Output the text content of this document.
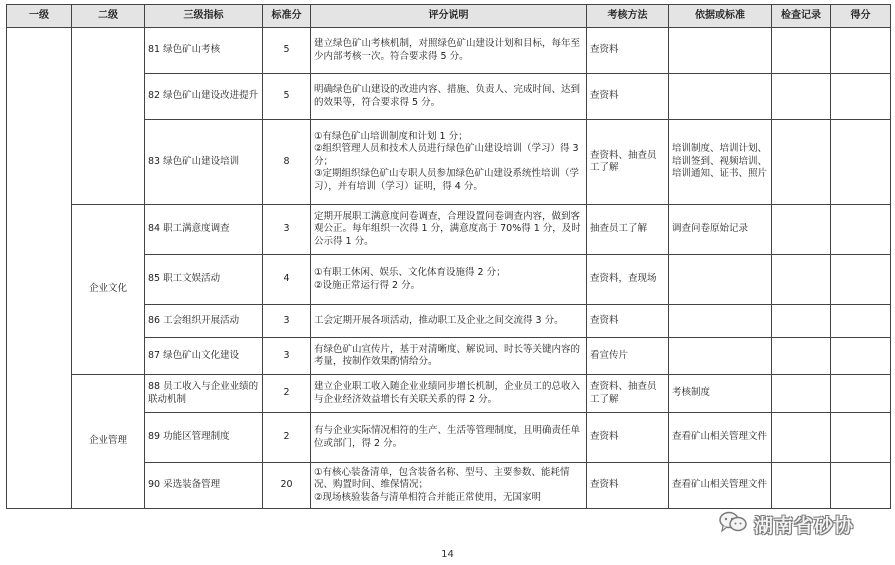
一级	二级	三级指标	标准分	评分说明	考核方法	依据或标准	检查记录	得分
		81 绿色矿山考核	5	建立绿色矿山考核机制，对照绿色矿山建设计划和目标，每年至少内部考核一次。符合要求得 5 分。	查资料			
		82 绿色矿山建设改进提升	5	明确绿色矿山建设的改进内容、措施、负责人、完成时间、达到的效果等，符合要求得 5 分。	查资料			
		83 绿色矿山建设培训	8	①有绿色矿山培训制度和计划 1 分；
②组织管理人员和技术人员进行绿色矿山建设培训（学习）得 3 分；
③定期组织绿色矿山专职人员参加绿色矿山建设系统性培训（学习），并有培训（学习）证明，得 4 分。	查资料、抽查员工了解	培训制度、培训计划、培训签到、视频培训、培训通知、证书、照片		
	企业文化	84 职工满意度调查	3	定期开展职工满意度问卷调查，合理设置问卷调查内容，做到客观公正。每年组织一次得 1 分，满意度高于 70%得 1 分，及时公示得 1 分。	抽查员工了解	调查问卷原始记录		
		85 职工文娱活动	4	①有职工休闲、娱乐、文化体育设施得 2 分；
②设施正常运行得 2 分。	查资料，查现场			
		86 工会组织开展活动	3	工会定期开展各项活动，推动职工及企业之间交流得 3 分。	查资料			
		87 绿色矿山文化建设	3	有绿色矿山宣传片，基于对清晰度、解说词、时长等关键内容的考量，按制作效果酌情给分。	看宣传片			
	企业管理	88 员工收入与企业业绩的联动机制	2	建立企业职工收入随企业业绩同步增长机制，企业员工的总收入与企业经济效益增长有关联关系的得 2 分。	查资料、抽查员工了解	考核制度		
		89 功能区管理制度	2	有与企业实际情况相符的生产、生活等管理制度，且明确责任单位或部门，得 2 分。	查资料	查看矿山相关管理文件		
		90 采选装备管理	20	①有核心装备清单，包含装备名称、型号、主要参数、能耗情况、购置时间、维保情况；
②现场核验装备与清单相符合并能正常使用，无国家明	查资料	查看矿山相关管理文件		
湖南省砂协
14
